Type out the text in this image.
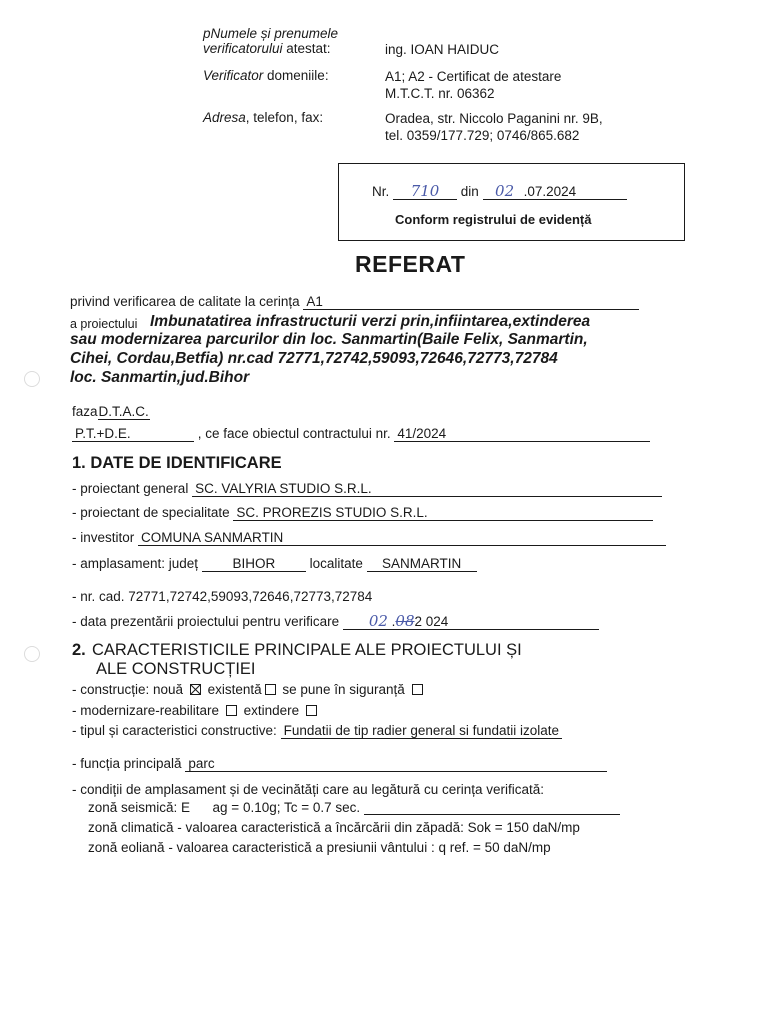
pNumele și prenumele
verificatorului atestat:	ing. IOAN HAIDUC
Verificator domeniile:	A1; A2 - Certificat de atestare
M.T.C.T. nr. 06362
Adresa, telefon, fax:	Oradea, str. Niccolo Paganini nr. 9B,
tel. 0359/177.729; 0746/865.682
Nr. 710 din 02 .07.2024
Conform registrului de evidență
REFERAT
privind verificarea de calitate la cerința A1
a proiectului Imbunatatirea infrastructurii verzi prin,infiintarea,extinderea
sau modernizarea parcurilor din loc. Sanmartin(Baile Felix, Sanmartin,
Cihei, Cordau,Betfia) nr.cad 72771,72742,59093,72646,72773,72784
loc. Sanmartin,jud.Bihor
fazaD.T.A.C.
P.T.+D.E.	, ce face obiectul contractului nr. 41/2024
1. DATE DE IDENTIFICARE
- proiectant general SC. VALYRIA STUDIO S.R.L.
- proiectant de specialitate SC. PROREZIS STUDIO S.R.L.
- investitor COMUNA SANMARTIN
- amplasament: județ	BIHOR	localitate SANMARTIN
- nr. cad. 72771,72742,59093,72646,72773,72784
- data prezentării proiectului pentru verificare 02 .082 024
2. CARACTERISTICILE PRINCIPALE ALE PROIECTULUI ȘI
ALE CONSTRUCȚIEI
- construcție: nouă existentă se pune în siguranță
- modernizare-reabilitare extindere
- tipul și caracteristici constructive: Fundatii de tip radier general si fundatii izolate
- funcția principală parc
- condiții de amplasament și de vecinătăți care au legătură cu cerința verificată:
zonă seismică: E      ag = 0.10g; Tc = 0.7 sec.
zonă climatică - valoarea caracteristică a încărcării din zăpadă: Sok = 150 daN/mp
zonă eoliană - valoarea caracteristică a presiunii vântului : q ref. = 50 daN/mp
